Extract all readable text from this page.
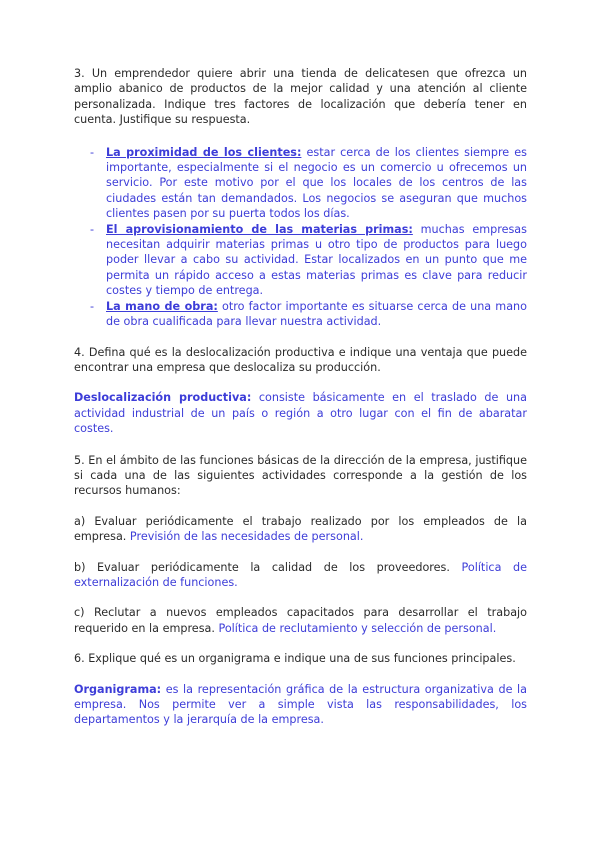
3. Un emprendedor quiere abrir una tienda de delicatesen que ofrezca un amplio abanico de productos de la mejor calidad y una atención al cliente personalizada. Indique tres factores de localización que debería tener en cuenta. Justifique su respuesta.

- La proximidad de los clientes: estar cerca de los clientes siempre es importante, especialmente si el negocio es un comercio u ofrecemos un servicio. Por este motivo por el que los locales de los centros de las ciudades están tan demandados. Los negocios se aseguran que muchos clientes pasen por su puerta todos los días.
- El aprovisionamiento de las materias primas: muchas empresas necesitan adquirir materias primas u otro tipo de productos para luego poder llevar a cabo su actividad. Estar localizados en un punto que me permita un rápido acceso a estas materias primas es clave para reducir costes y tiempo de entrega.
- La mano de obra: otro factor importante es situarse cerca de una mano de obra cualificada para llevar nuestra actividad.

4. Defina qué es la deslocalización productiva e indique una ventaja que puede encontrar una empresa que deslocaliza su producción.

Deslocalización productiva: consiste básicamente en el traslado de una actividad industrial de un país o región a otro lugar con el fin de abaratar costes.

5. En el ámbito de las funciones básicas de la dirección de la empresa, justifique si cada una de las siguientes actividades corresponde a la gestión de los recursos humanos:

a) Evaluar periódicamente el trabajo realizado por los empleados de la empresa. Previsión de las necesidades de personal.

b) Evaluar periódicamente la calidad de los proveedores. Política de externalización de funciones.

c) Reclutar a nuevos empleados capacitados para desarrollar el trabajo requerido en la empresa. Política de reclutamiento y selección de personal.

6. Explique qué es un organigrama e indique una de sus funciones principales.

Organigrama: es la representación gráfica de la estructura organizativa de la empresa. Nos permite ver a simple vista las responsabilidades, los departamentos y la jerarquía de la empresa.
